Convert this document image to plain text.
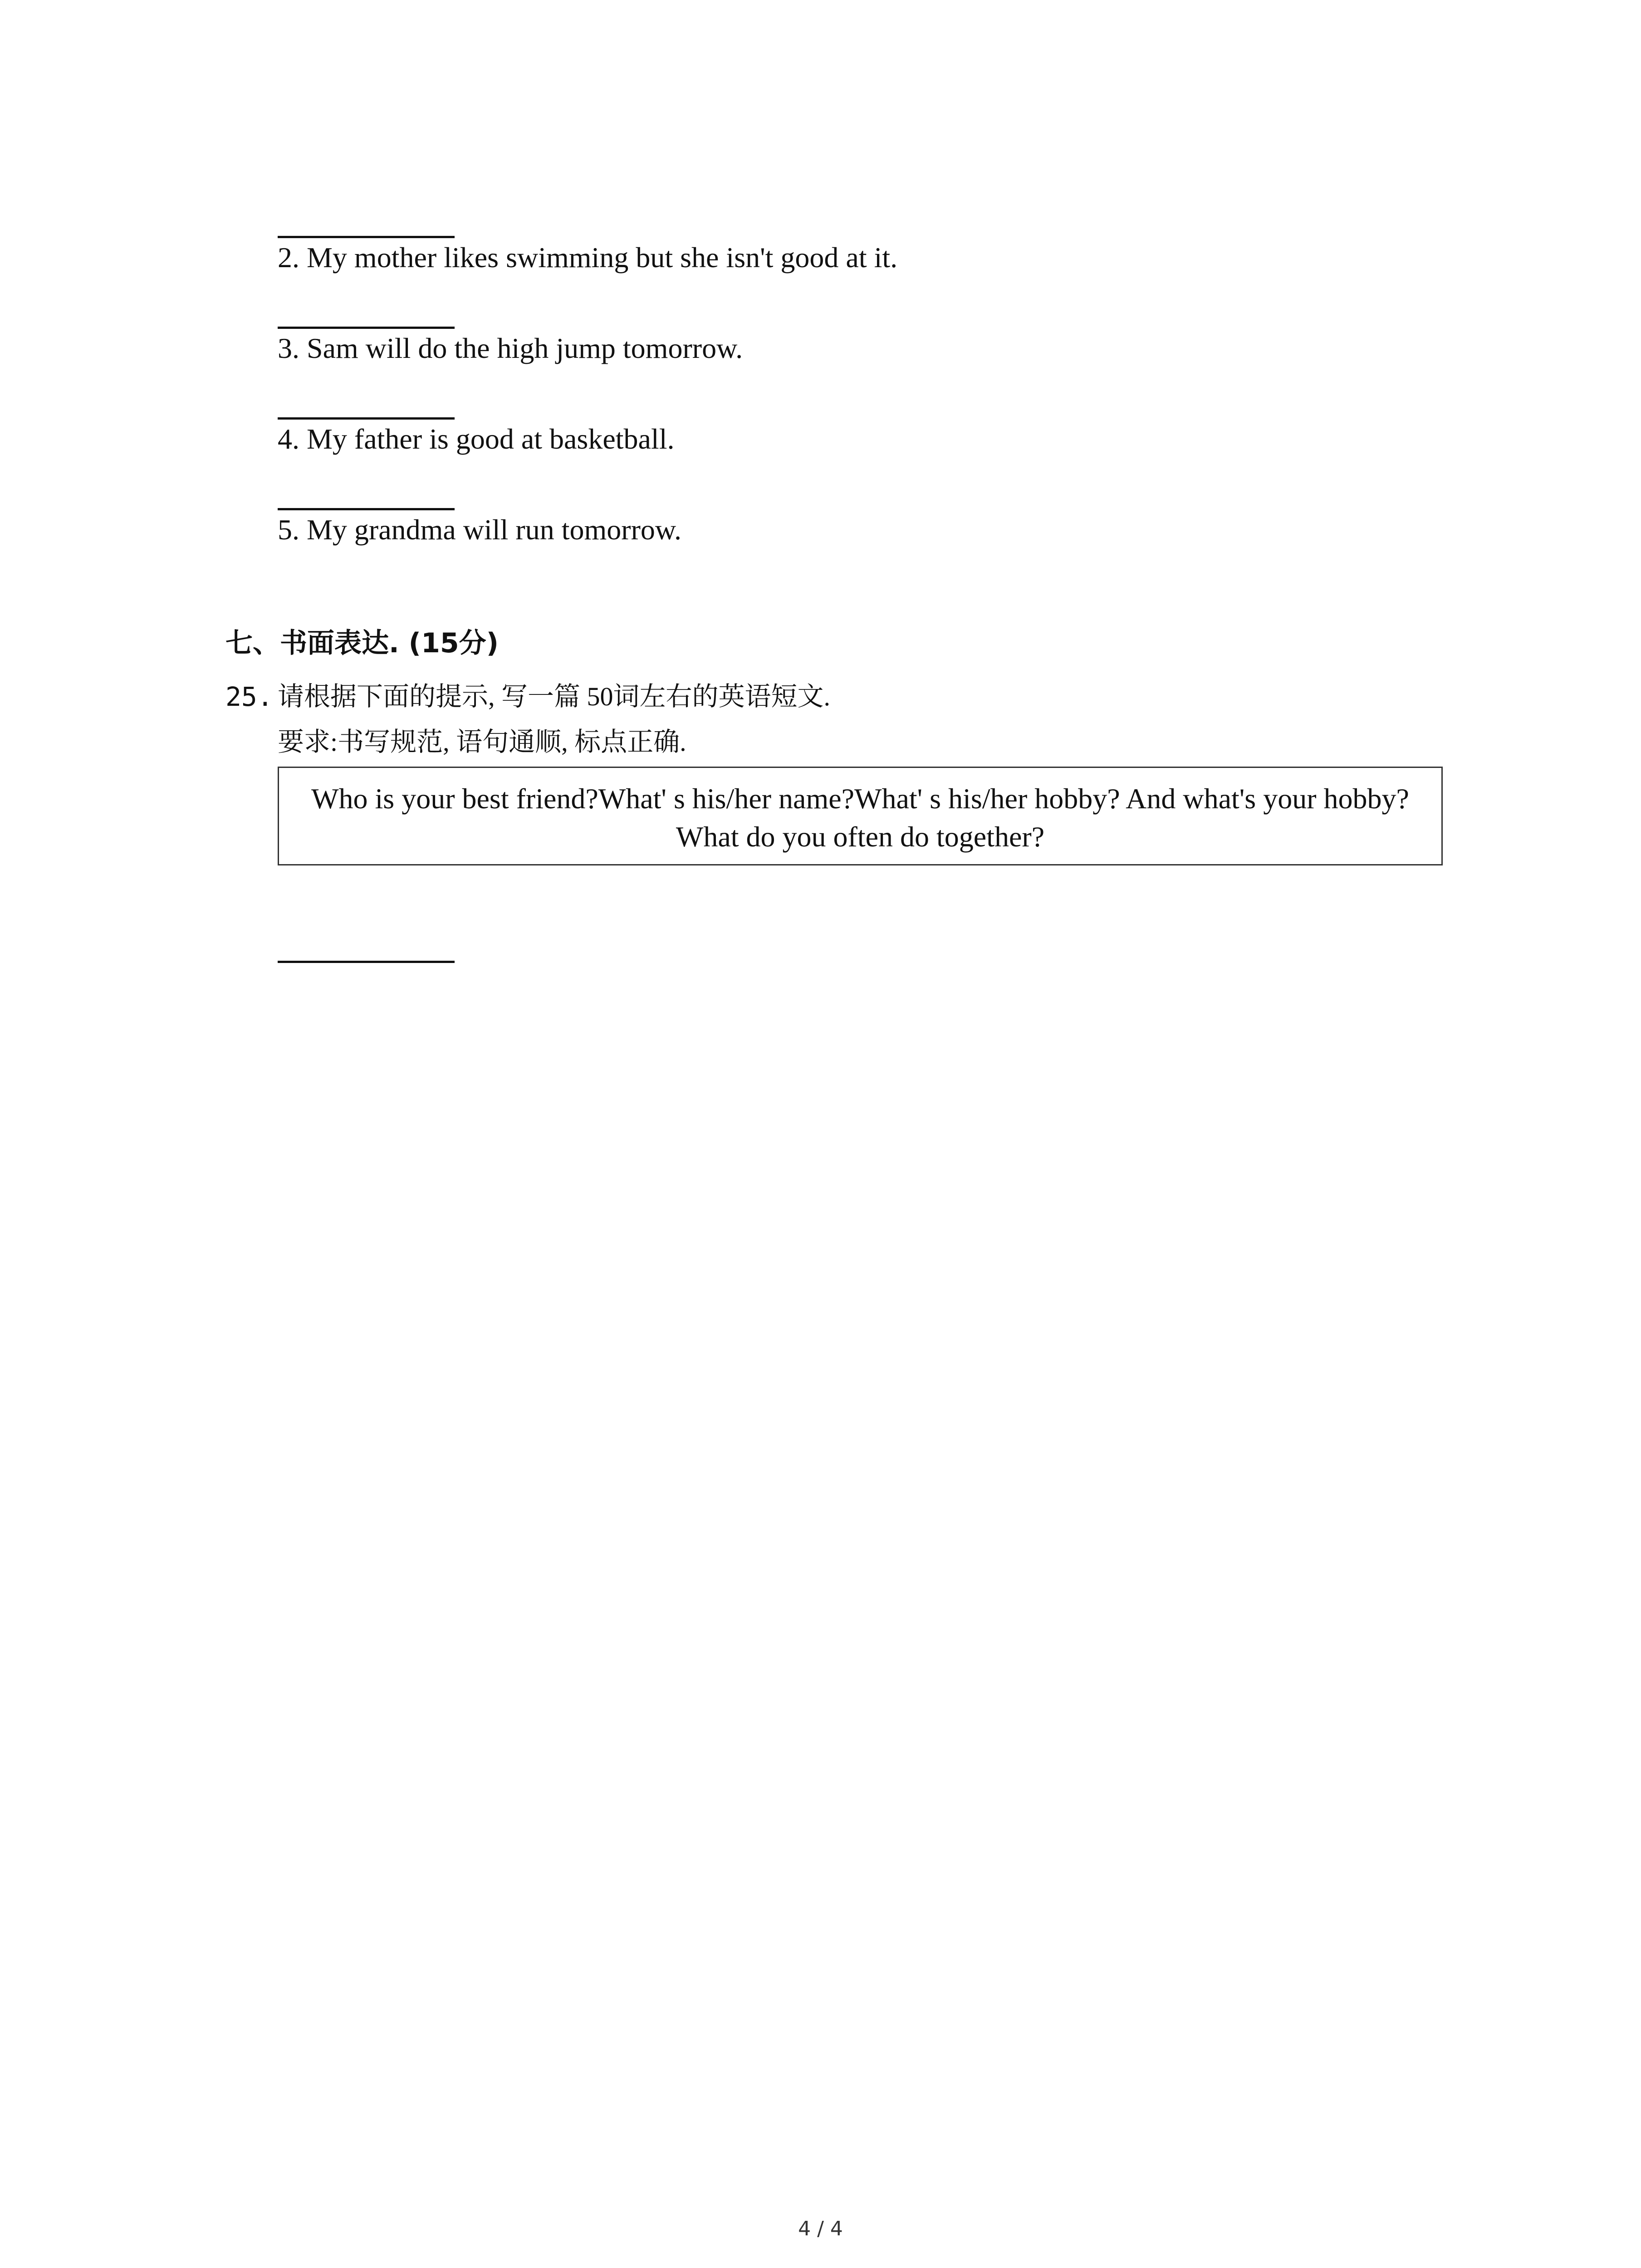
2. My mother likes swimming but she isn't good at it.
3. Sam will do the high jump tomorrow.
4. My father is good at basketball.
5. My grandma will run tomorrow.
七、书面表达. (15分)
25. 请根据下面的提示, 写一篇 50词左右的英语短文.
要求:书写规范, 语句通顺, 标点正确.
Who is your best friend?What' s his/her name?What' s his/her hobby? And what's your hobby?What do you often do together?
4 / 4
